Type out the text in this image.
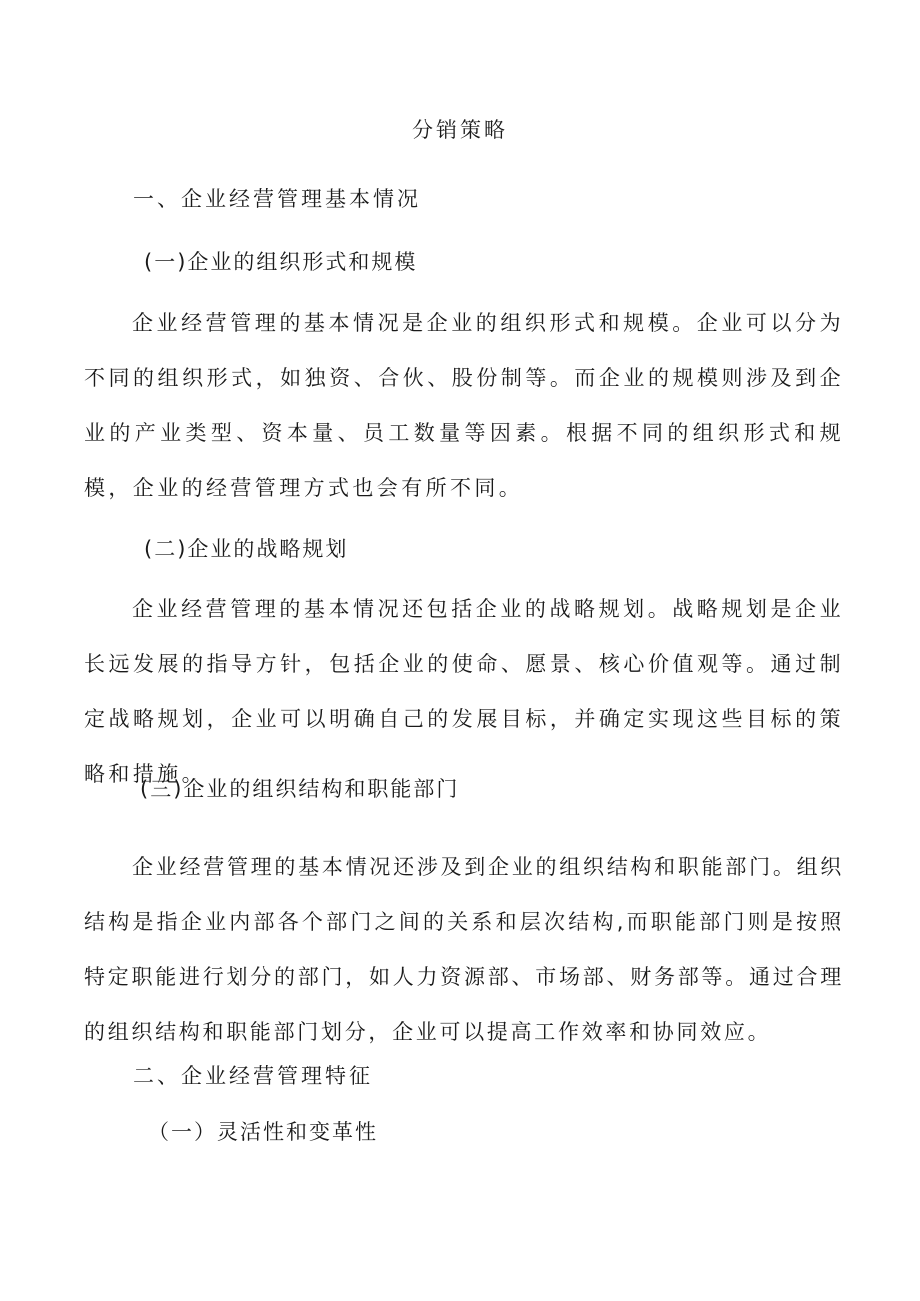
分销策略
一、企业经营管理基本情况
(一)企业的组织形式和规模
企业经营管理的基本情况是企业的组织形式和规模。企业可以分为不同的组织形式，如独资、合伙、股份制等。而企业的规模则涉及到企业的产业类型、资本量、员工数量等因素。根据不同的组织形式和规模，企业的经营管理方式也会有所不同。
(二)企业的战略规划
企业经营管理的基本情况还包括企业的战略规划。战略规划是企业长远发展的指导方针，包括企业的使命、愿景、核心价值观等。通过制定战略规划，企业可以明确自己的发展目标，并确定实现这些目标的策略和措施。
(三)企业的组织结构和职能部门
企业经营管理的基本情况还涉及到企业的组织结构和职能部门。组织结构是指企业内部各个部门之间的关系和层次结构,而职能部门则是按照特定职能进行划分的部门，如人力资源部、市场部、财务部等。通过合理的组织结构和职能部门划分，企业可以提高工作效率和协同效应。
二、企业经营管理特征
（一）灵活性和变革性
